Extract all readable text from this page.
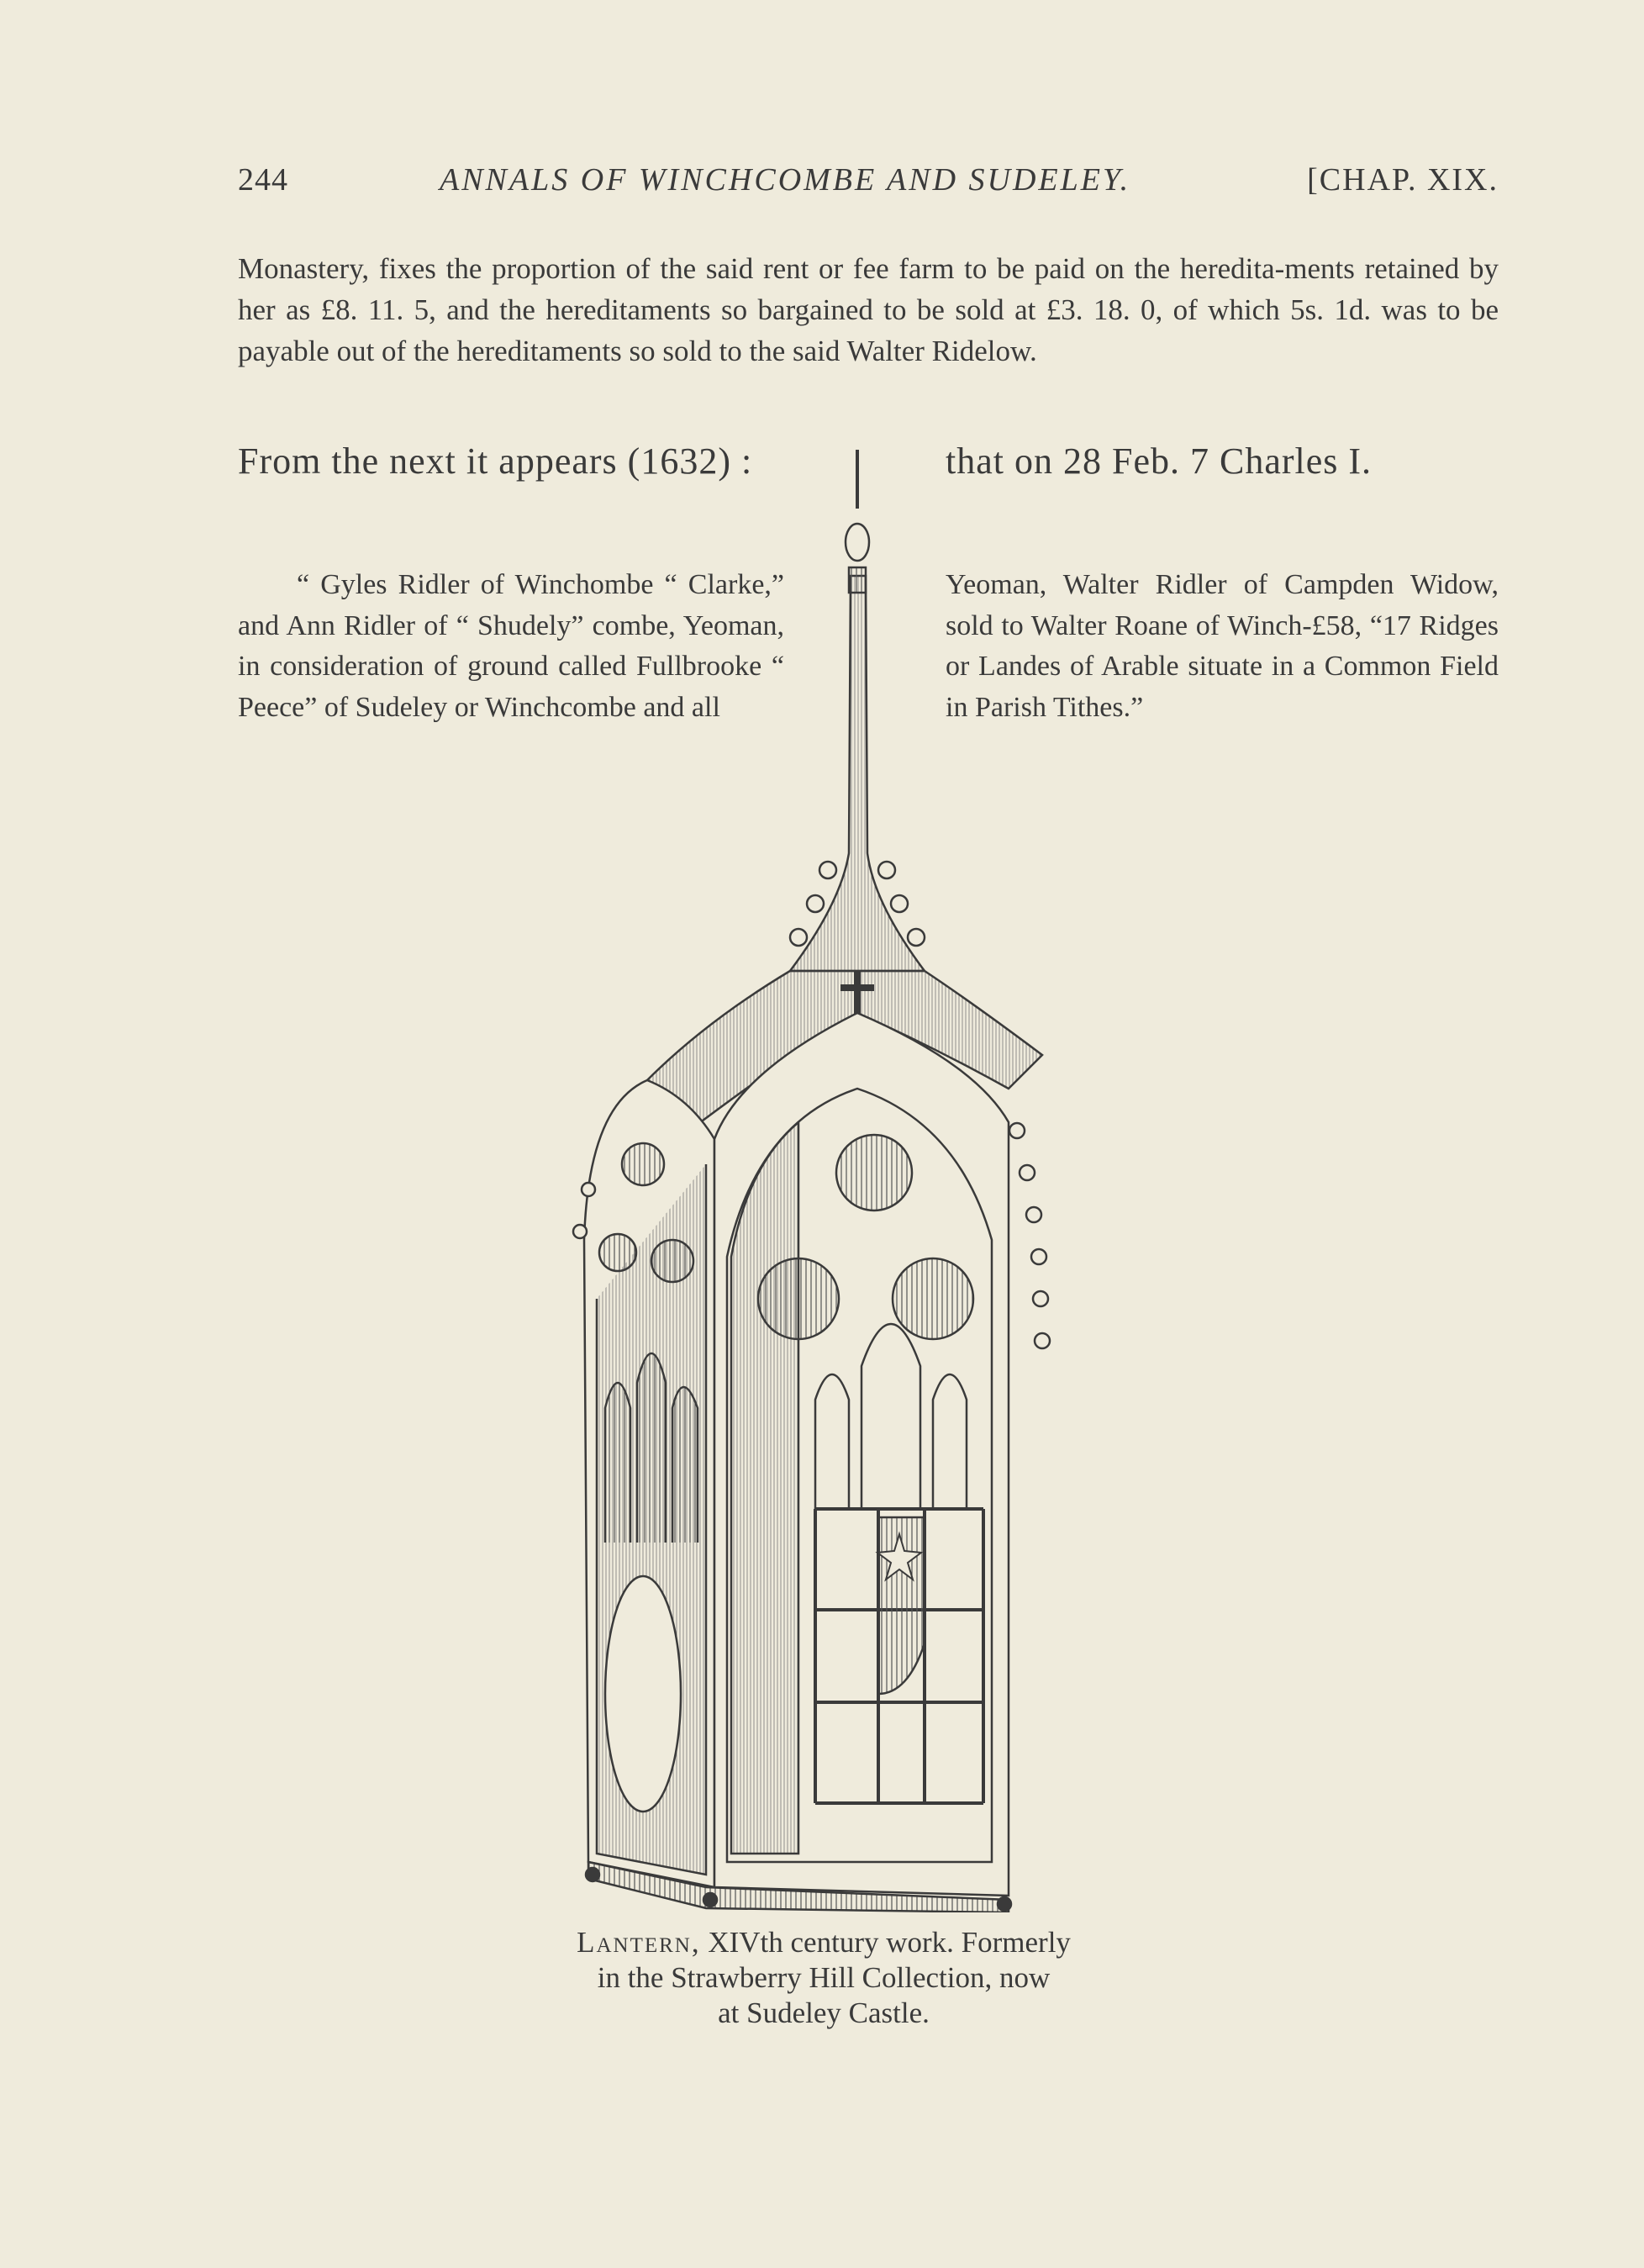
244	ANNALS OF WINCHCOMBE AND SUDELEY.	[CHAP. XIX.
Monastery, fixes the proportion of the said rent or fee farm to be paid on the heredita-ments retained by her as £8. 11. 5, and the hereditaments so bargained to be sold at £3. 18. 0, of which 5s. 1d. was to be payable out of the hereditaments so sold to the said Walter Ridelow.
From the next it appears (1632) :	that on 28 Feb. 7 Charles I.

“ Gyles Ridler of Winchombe “ Clarke,” and Ann Ridler of “ Shudely” combe, Yeoman, in consideration of ground called Fullbrooke “ Peece” of Sudeley or Winchcombe and all

Yeoman, Walter Ridler of Campden Widow, sold to Walter Roane of Winch-£58, “17 Ridges or Landes of Arable situate in a Common Field in Parish Tithes.”

Lantern, XIVth century work. Formerly
in the Strawberry Hill Collection, now
at Sudeley Castle.
